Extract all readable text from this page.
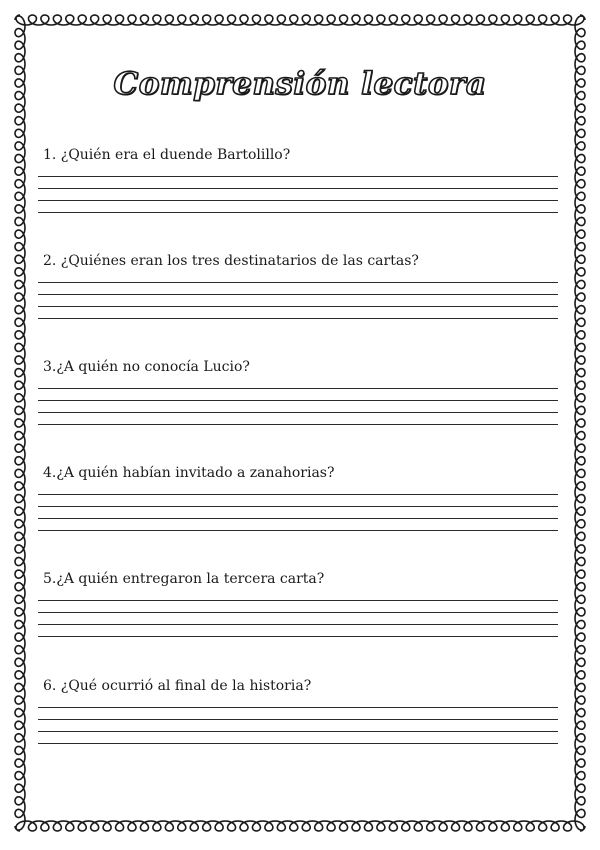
Comprensión lectora
1. ¿Quién era el duende Bartolillo?
2. ¿Quiénes eran los tres destinatarios de las cartas?
3.¿A quién no conocía Lucio?
4.¿A quién habían invitado a zanahorias?
5.¿A quién entregaron la tercera carta?
6. ¿Qué ocurrió al final de la historia?
